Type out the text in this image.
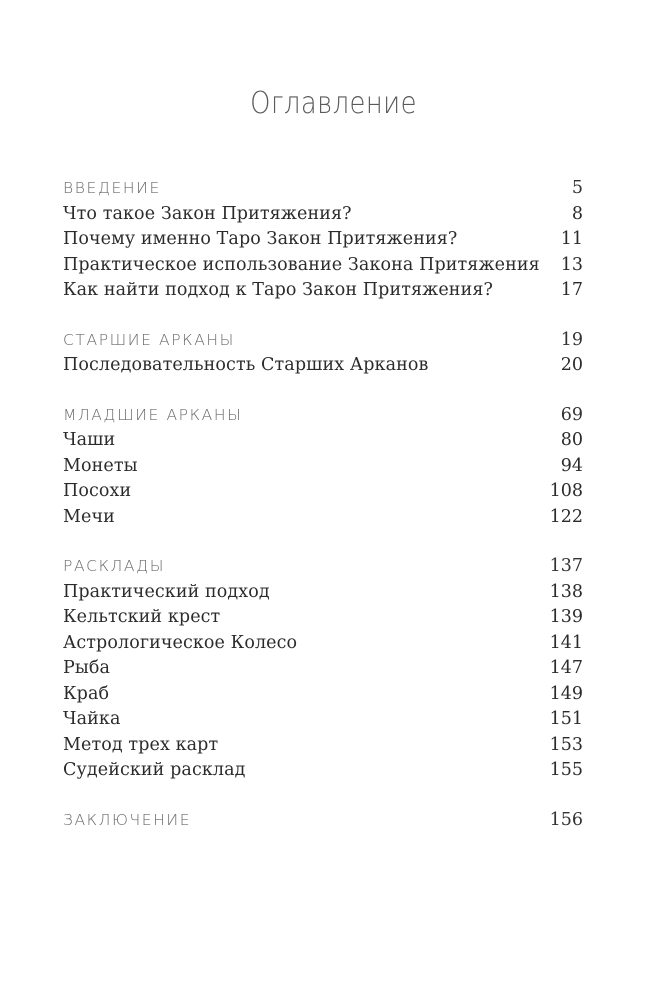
Оглавление
ВВЕДЕНИЕ	5
Что такое Закон Притяжения?	8
Почему именно Таро Закон Притяжения?	11
Практическое использование Закона Притяжения 13
Как найти подход к Таро Закон Притяжения?	17
СТАРШИЕ АРКАНЫ	19
Последовательность Старших Арканов	20
МЛАДШИЕ АРКАНЫ	69
Чаши	80
Монеты	94
Посохи	108
Мечи	122
РАСКЛАДЫ	137
Практический подход	138
Кельтский крест	139
Астрологическое Колесо	141
Рыба	147
Краб	149
Чайка	151
Метод трех карт	153
Судейский расклад	155
ЗАКЛЮЧЕНИЕ	156
